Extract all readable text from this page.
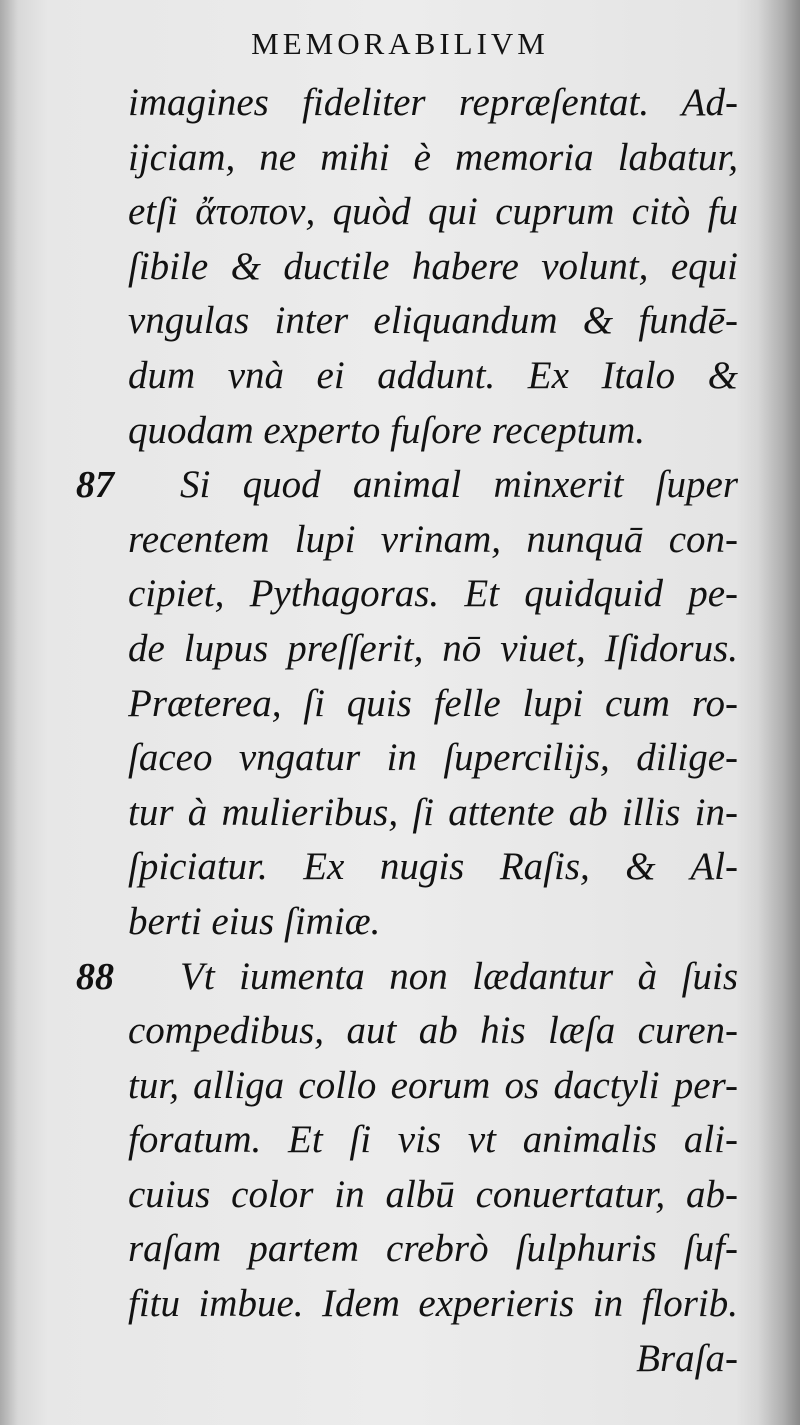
MEMORABILIVM
imagines fideliter repræſentat. Ad-
ijciam, ne mihi è memoria labatur,
etſi ἄτοπον, quòd qui cuprum citò fu
ſibile & ductile habere volunt, equi
vngulas inter eliquandum & fundē-
dum vnà ei addunt. Ex Italo &
quodam experto fuſore receptum.
87 Si quod animal minxerit ſuper
recentem lupi vrinam, nunquā con-
cipiet, Pythagoras. Et quidquid pe-
de lupus preſſerit, nō viuet, Iſidorus.
Præterea, ſi quis felle lupi cum ro-
ſaceo vngatur in ſupercilijs, dilige-
tur à mulieribus, ſi attente ab illis in-
ſpiciatur. Ex nugis Raſis, & Al-
berti eius ſimiæ.
88 Vt iumenta non lædantur à ſuis
compedibus, aut ab his læſa curen-
tur, alliga collo eorum os dactyli per-
foratum. Et ſi vis vt animalis ali-
cuius color in albū conuertatur, ab-
raſam partem crebrò ſulphuris ſuf-
fitu imbue. Idem experieris in florib.
Braſa-
